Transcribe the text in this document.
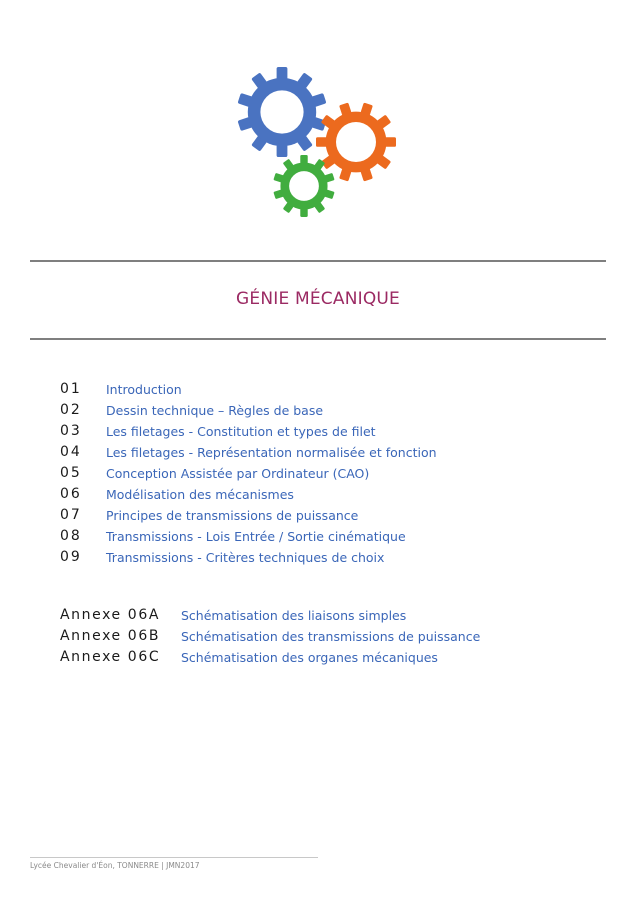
GÉNIE MÉCANIQUE
01 Introduction
02 Dessin technique – Règles de base
03 Les filetages - Constitution et types de filet
04 Les filetages - Représentation normalisée et fonction
05 Conception Assistée par Ordinateur (CAO)
06 Modélisation des mécanismes
07 Principes de transmissions de puissance
08 Transmissions - Lois Entrée / Sortie cinématique
09 Transmissions - Critères techniques de choix
Annexe 06A Schématisation des liaisons simples
Annexe 06B Schématisation des transmissions de puissance
Annexe 06C Schématisation des organes mécaniques
Lycée Chevalier d'Éon, TONNERRE | JMN2017
